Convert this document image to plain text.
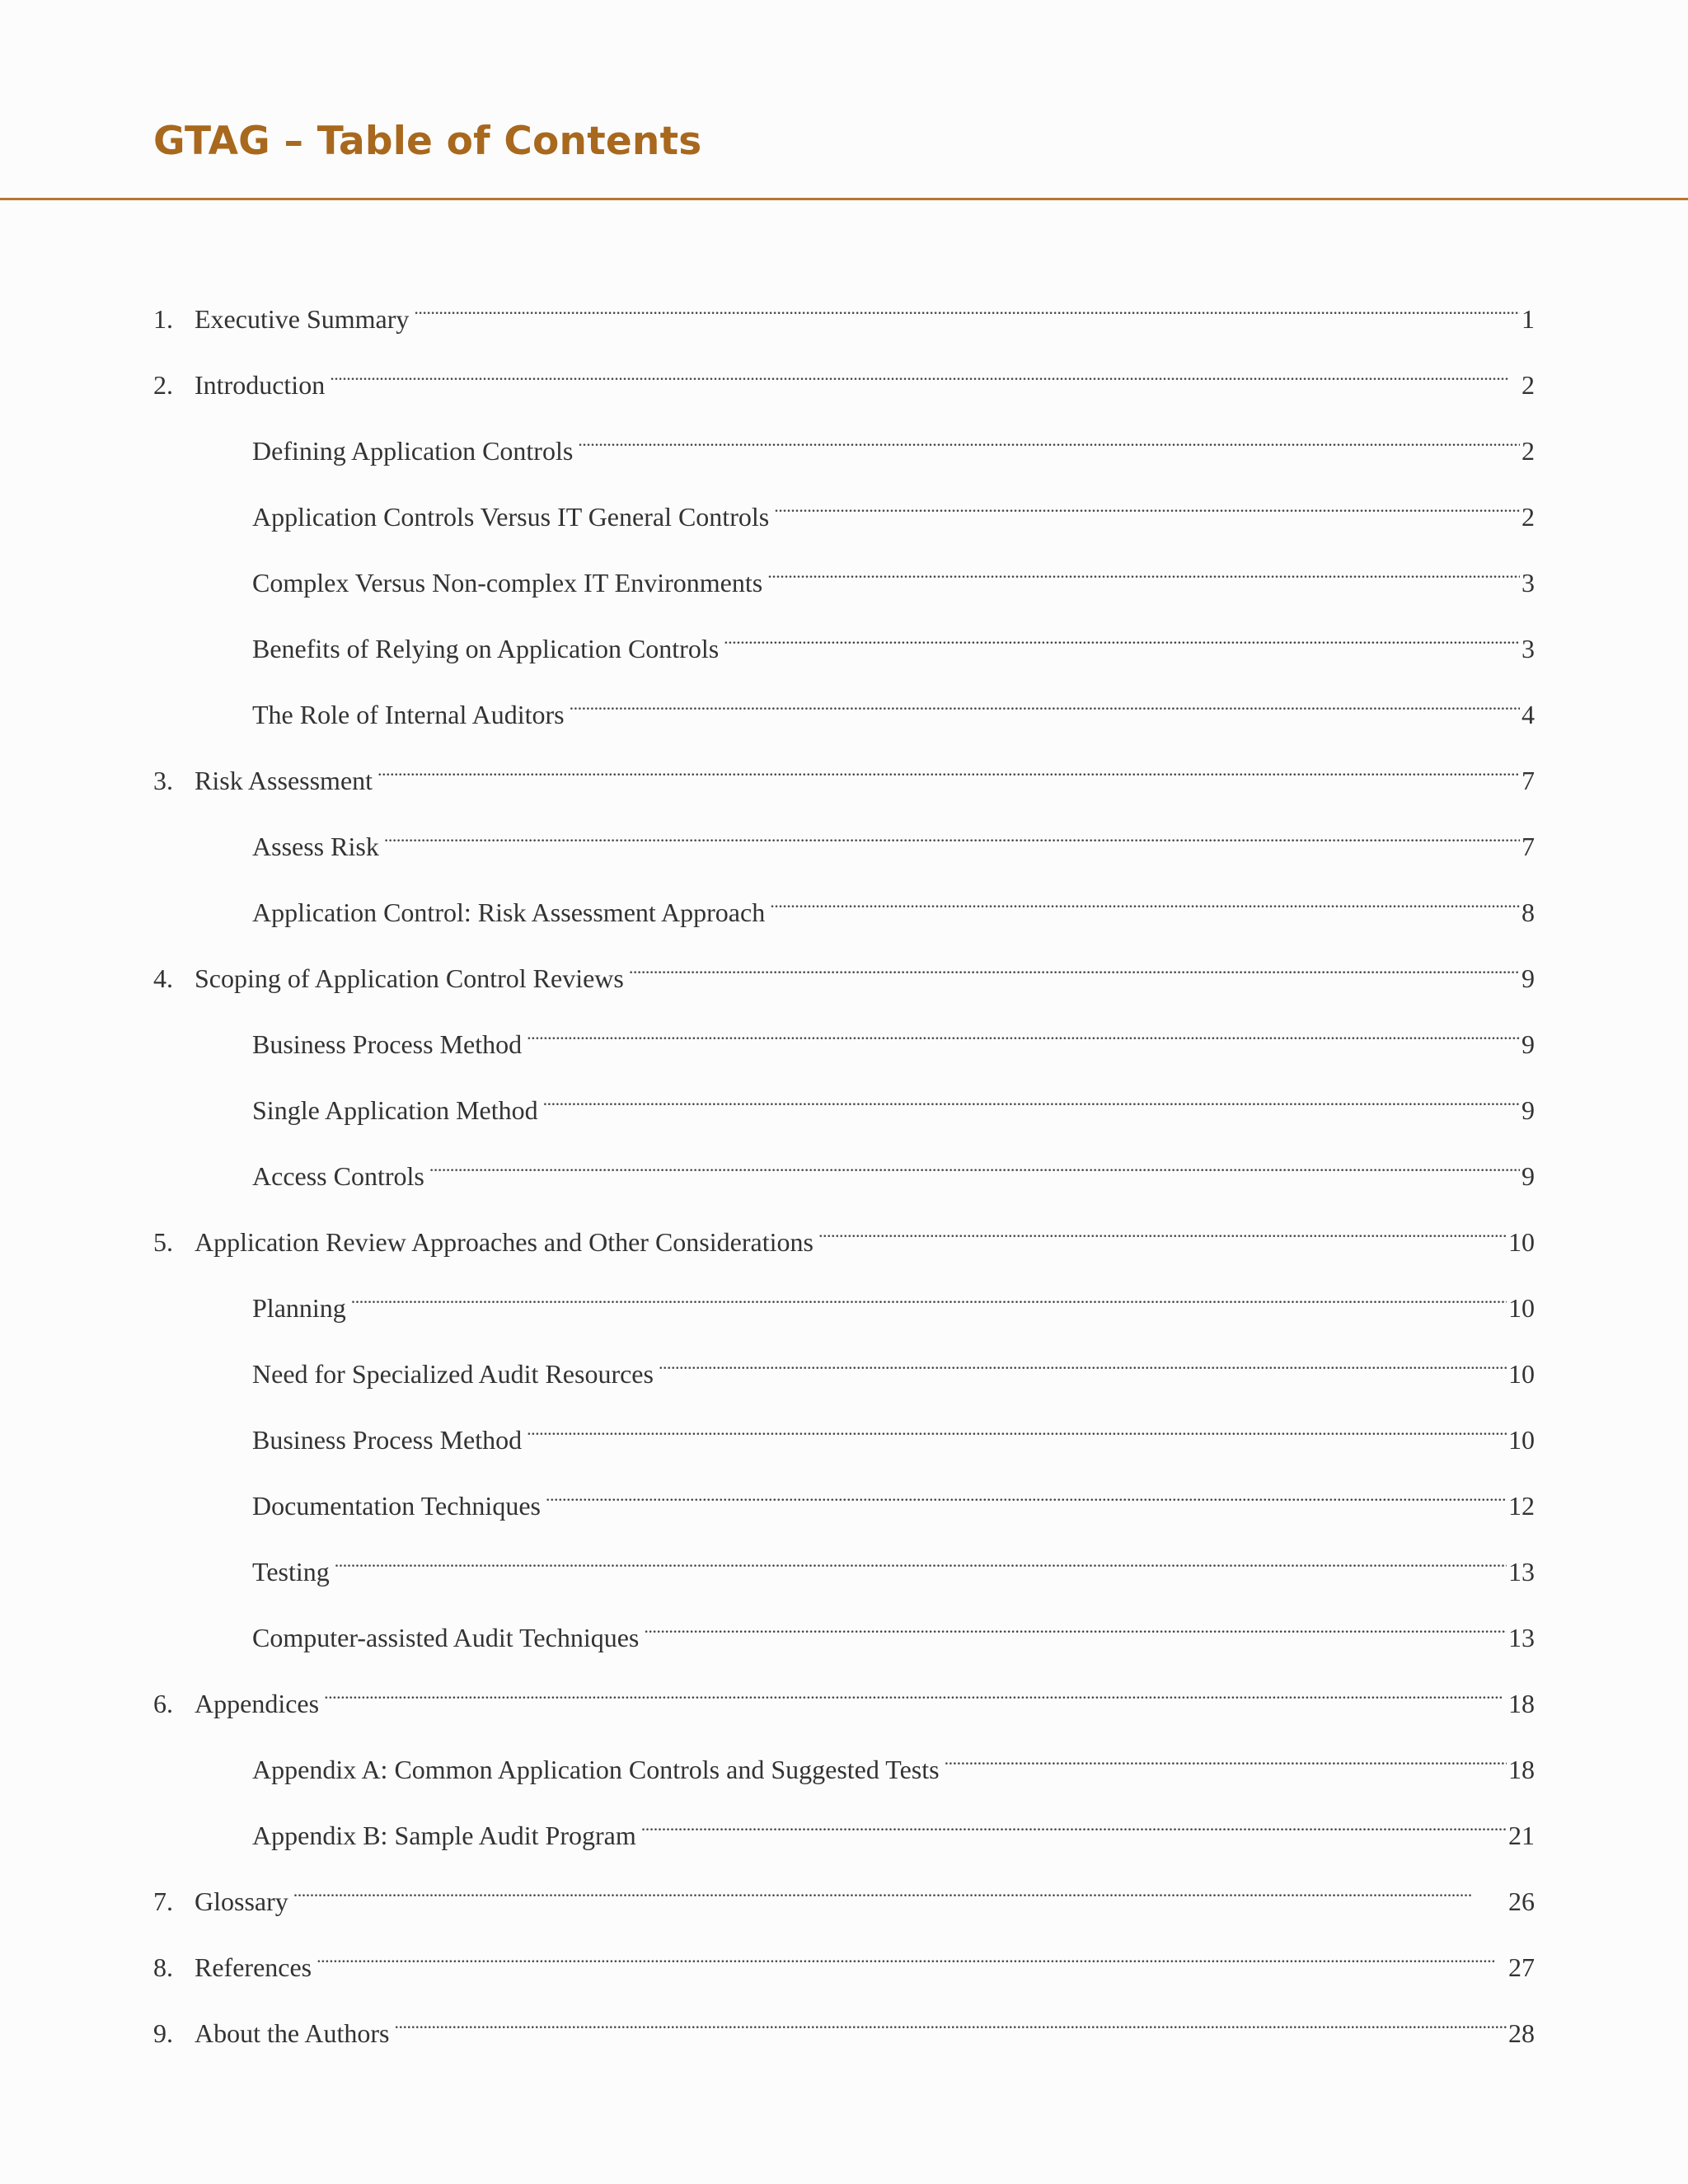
GTAG – Table of Contents
1. Executive Summary . . .	1
2. Introduction . . .	2
Defining Application Controls . . .	2
Application Controls Versus IT General Controls . . .	2
Complex Versus Non-complex IT Environments . . .	3
Benefits of Relying on Application Controls . . .	3
The Role of Internal Auditors . . .	4
3. Risk Assessment . . .	7
Assess Risk . . .	7
Application Control: Risk Assessment Approach . . .	8
4. Scoping of Application Control Reviews . . .	9
Business Process Method . . .	9
Single Application Method . . .	9
Access Controls . . .	9
5. Application Review Approaches and Other Considerations . . .	10
Planning . . .	10
Need for Specialized Audit Resources . . .	10
Business Process Method . . .	10
Documentation Techniques . . .	12
Testing . . .	13
Computer-assisted Audit Techniques . . .	13
6. Appendices . . .	18
Appendix A: Common Application Controls and Suggested Tests . . .	18
Appendix B: Sample Audit Program . . .	21
7. Glossary . . .	26
8. References . . .	27
9. About the Authors . . .	28
